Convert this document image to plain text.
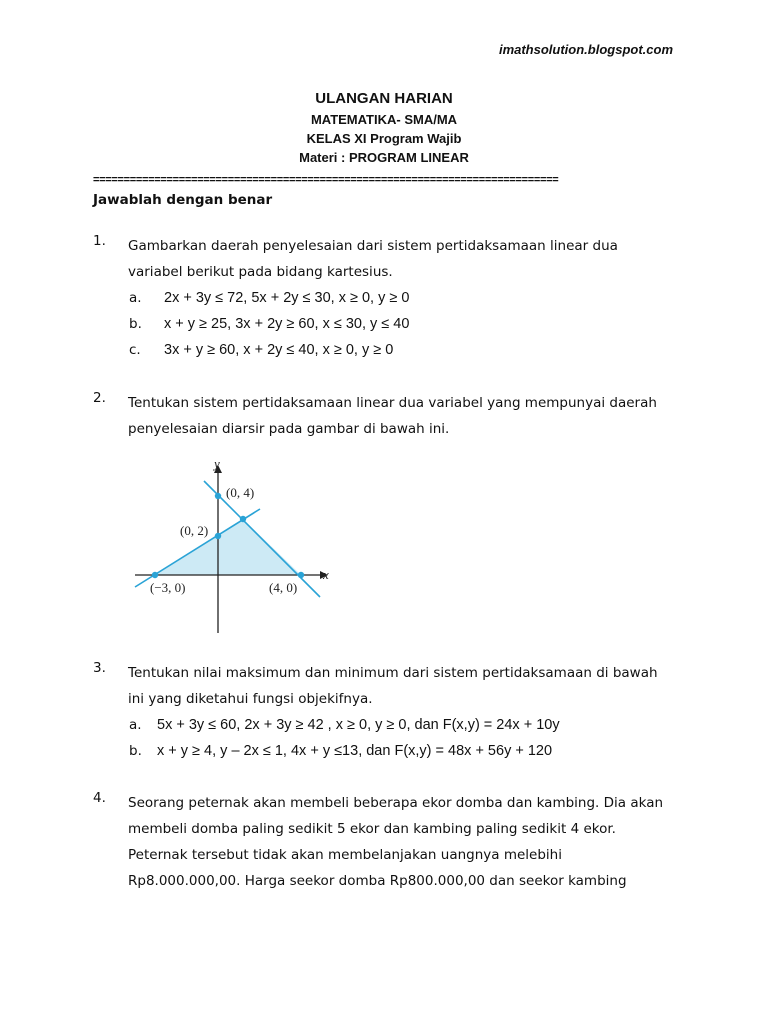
imathsolution.blogspot.com
ULANGAN HARIAN
MATEMATIKA- SMA/MA
KELAS XI Program Wajib
Materi : PROGRAM LINEAR
============================================================================
Jawablah dengan benar
1. Gambarkan daerah penyelesaian dari sistem pertidaksamaan linear dua
variabel berikut pada bidang kartesius.
a. 2x + 3y ≤ 72, 5x + 2y ≤ 30, x ≥ 0, y ≥ 0
b. x + y ≥ 25, 3x + 2y ≥ 60, x ≤ 30, y ≤ 40
c. 3x + y ≥ 60, x + 2y ≤ 40, x ≥ 0, y ≥ 0
2. Tentukan sistem pertidaksamaan linear dua variabel yang mempunyai daerah
penyelesaian diarsir pada gambar di bawah ini.
x
y
(0, 4)
(0, 2)
(−3, 0)	(4, 0)
3. Tentukan nilai maksimum dan minimum dari sistem pertidaksamaan di bawah
ini yang diketahui fungsi objekifnya.
a. 5x + 3y ≤ 60, 2x + 3y ≥ 42 , x ≥ 0, y ≥ 0, dan F(x,y) = 24x + 10y
b. x + y ≥ 4, y – 2x ≤ 1, 4x + y ≤13, dan F(x,y) = 48x + 56y + 120
4. Seorang peternak akan membeli beberapa ekor domba dan kambing. Dia akan
membeli domba paling sedikit 5 ekor dan kambing paling sedikit 4 ekor.
Peternak tersebut tidak akan membelanjakan uangnya melebihi
Rp8.000.000,00. Harga seekor domba Rp800.000,00 dan seekor kambing
